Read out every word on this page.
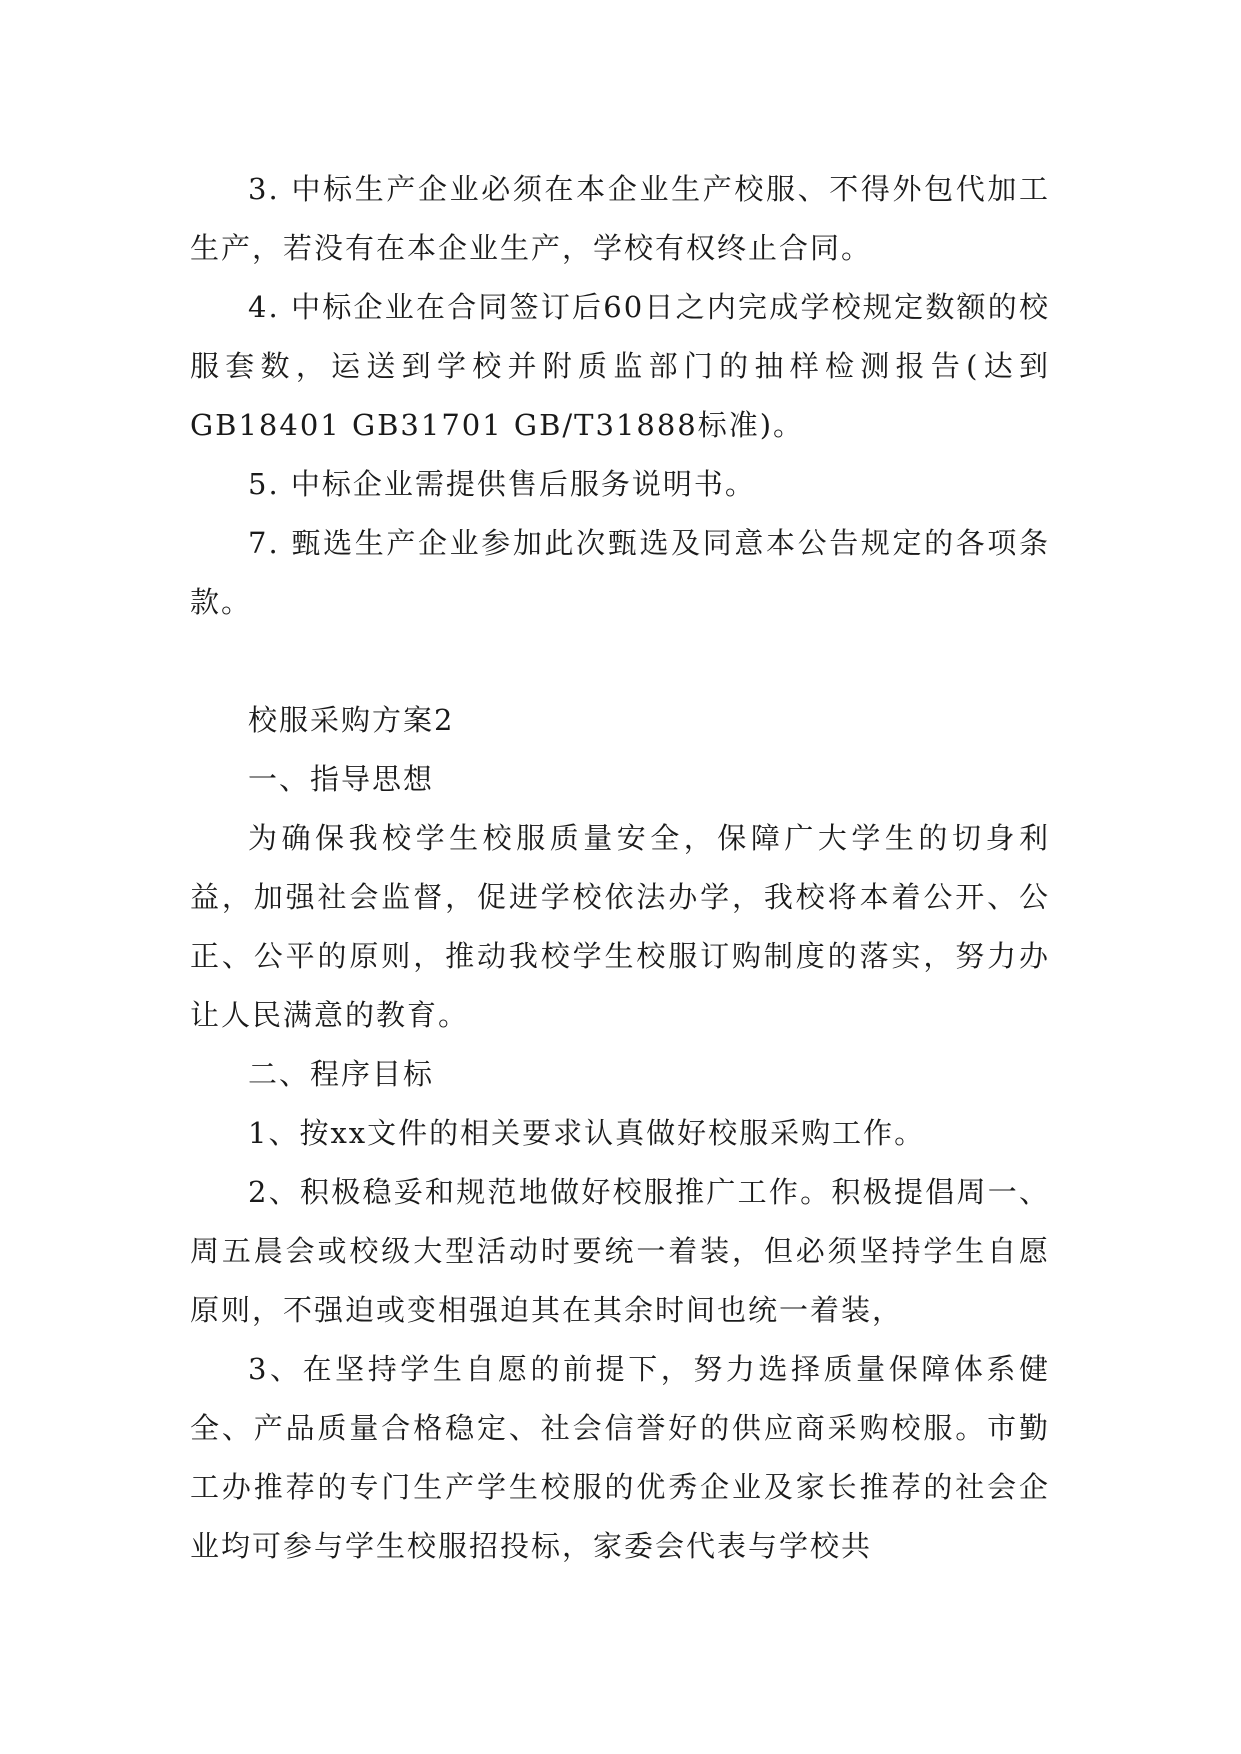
3. 中标生产企业必须在本企业生产校服、不得外包代加工生产，若没有在本企业生产，学校有权终止合同。

4. 中标企业在合同签订后60日之内完成学校规定数额的校服套数，运送到学校并附质监部门的抽样检测报告(达到GB18401 GB31701 GB/T31888标准)。

5. 中标企业需提供售后服务说明书。

7. 甄选生产企业参加此次甄选及同意本公告规定的各项条款。

校服采购方案2

一、指导思想

为确保我校学生校服质量安全，保障广大学生的切身利益，加强社会监督，促进学校依法办学，我校将本着公开、公正、公平的原则，推动我校学生校服订购制度的落实，努力办让人民满意的教育。

二、程序目标

1、按xx文件的相关要求认真做好校服采购工作。

2、积极稳妥和规范地做好校服推广工作。积极提倡周一、周五晨会或校级大型活动时要统一着装，但必须坚持学生自愿原则，不强迫或变相强迫其在其余时间也统一着装，

3、在坚持学生自愿的前提下，努力选择质量保障体系健全、产品质量合格稳定、社会信誉好的供应商采购校服。市勤工办推荐的专门生产学生校服的优秀企业及家长推荐的社会企业均可参与学生校服招投标，家委会代表与学校共
